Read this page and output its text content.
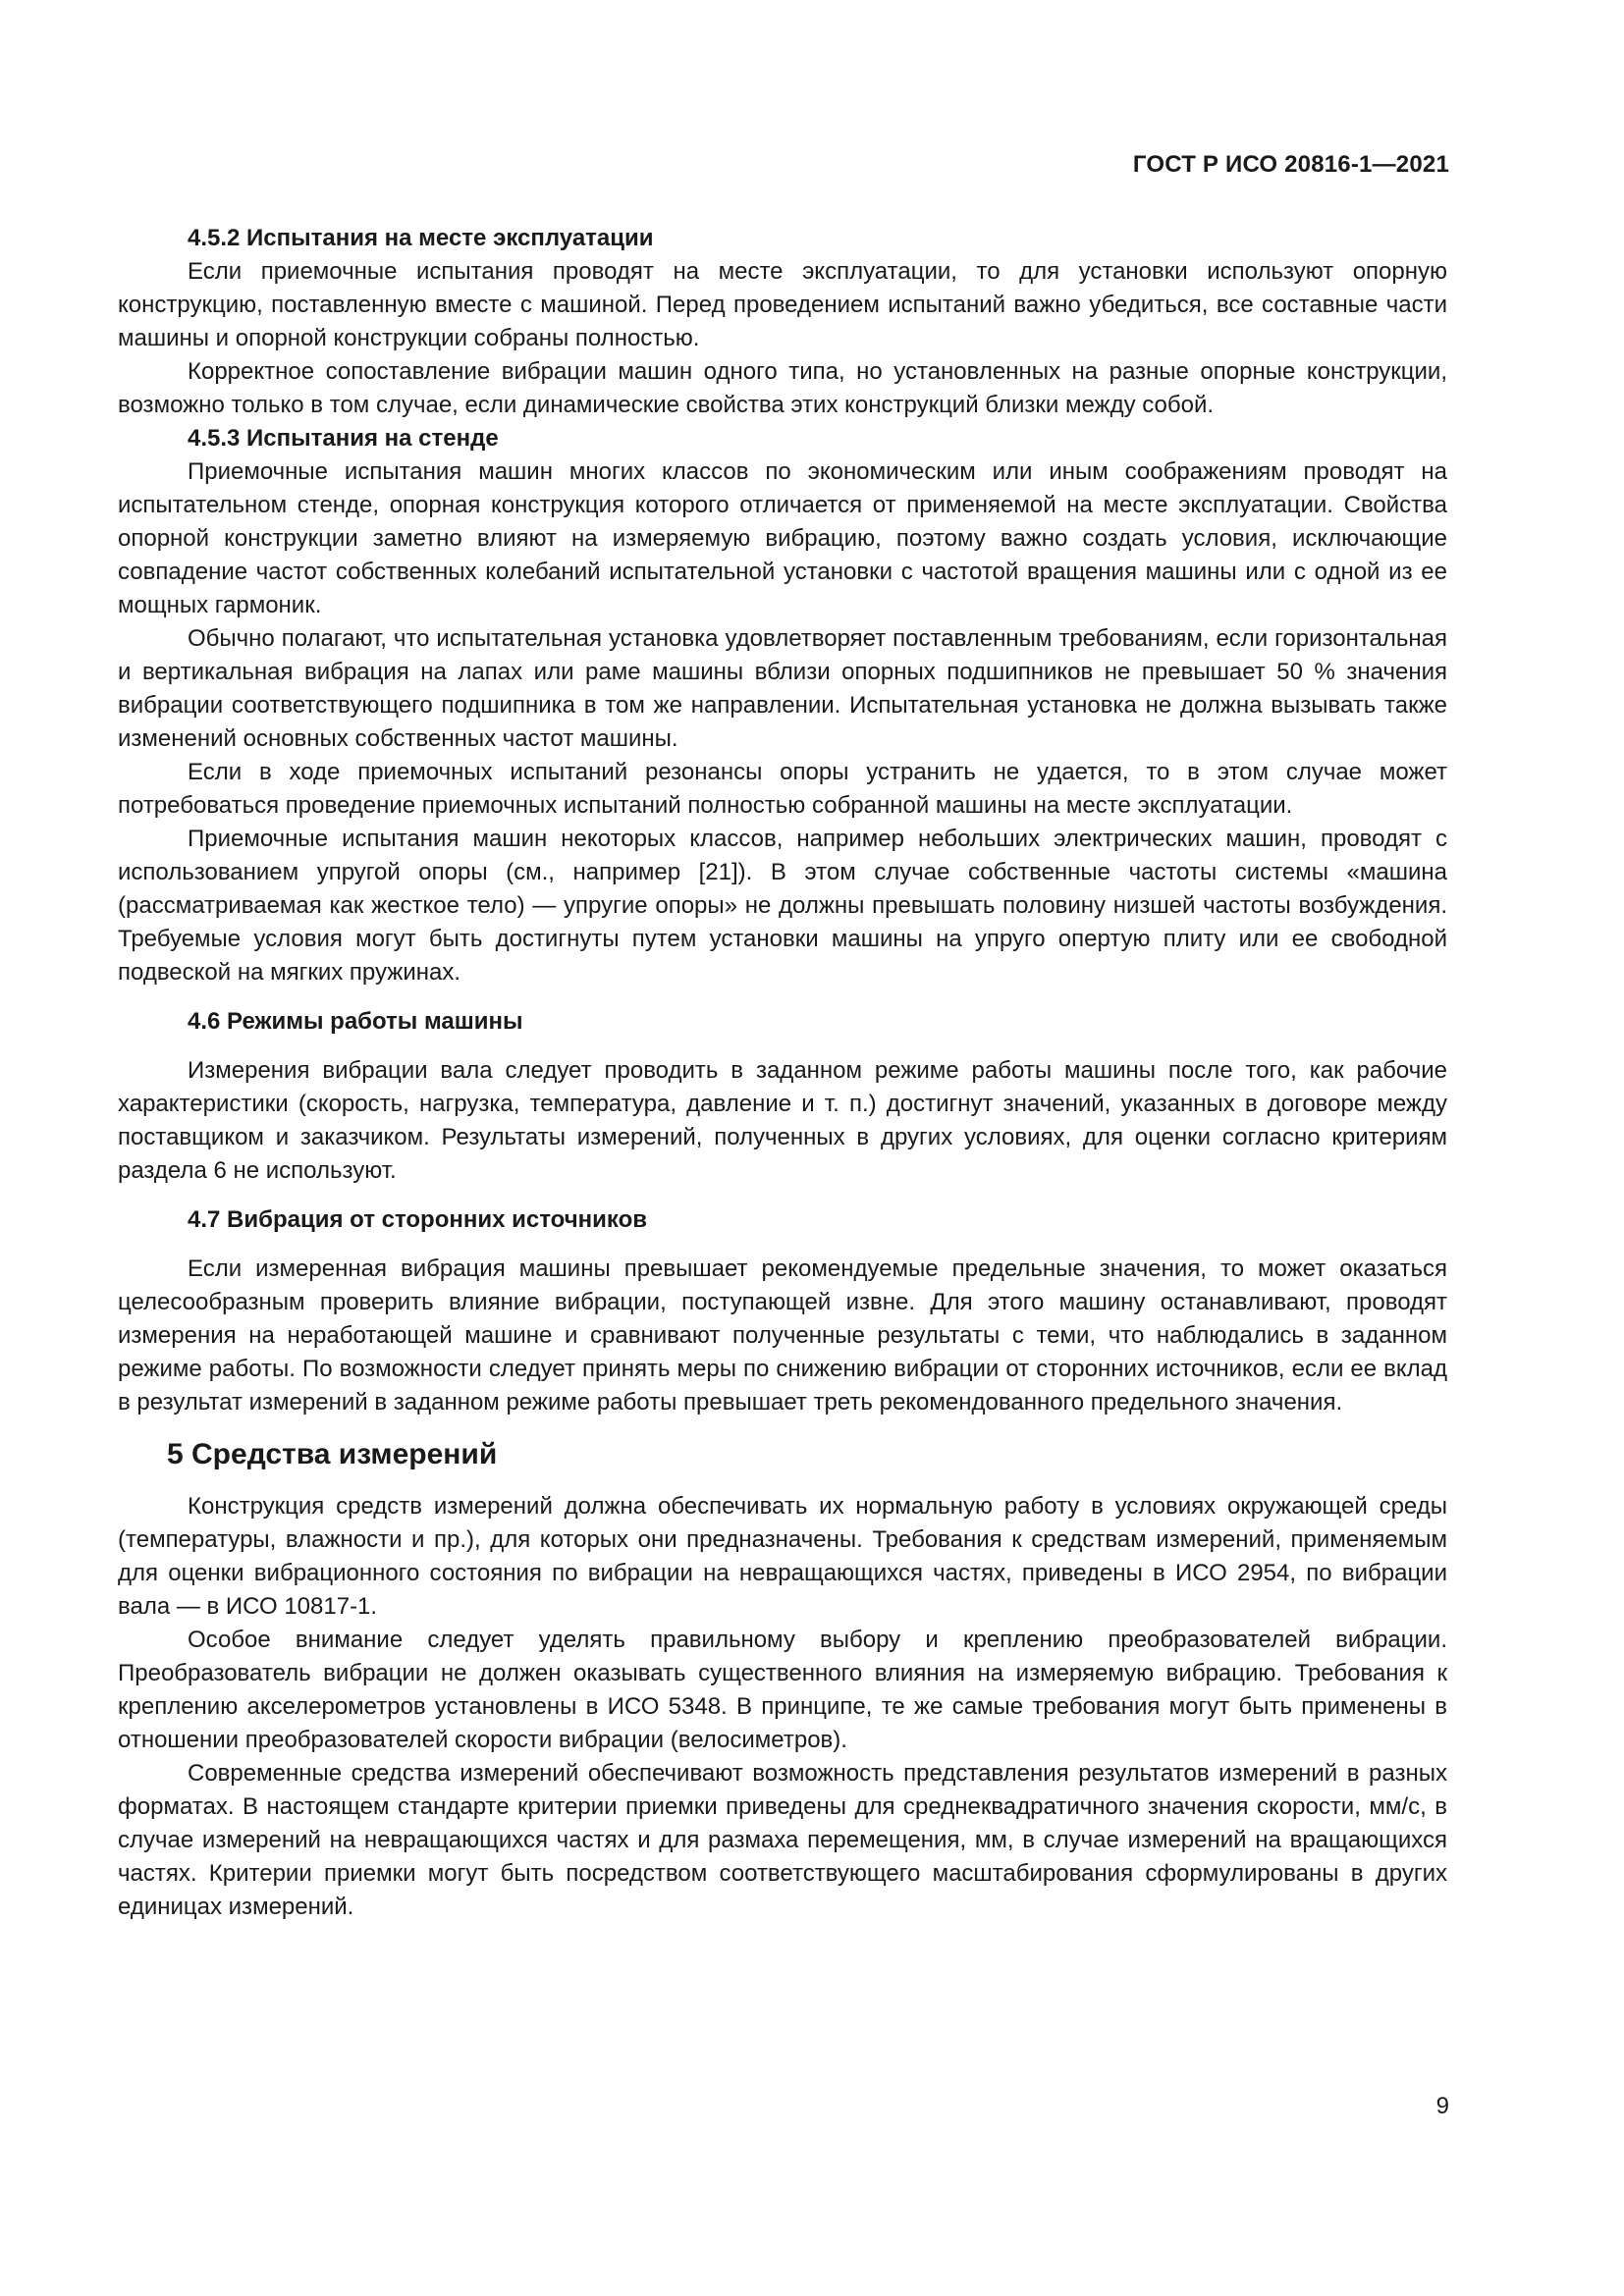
ГОСТ Р ИСО 20816-1—2021
4.5.2 Испытания на месте эксплуатации

Если приемочные испытания проводят на месте эксплуатации, то для установки используют опорную конструкцию, поставленную вместе с машиной. Перед проведением испытаний важно убедиться, все составные части машины и опорной конструкции собраны полностью.

Корректное сопоставление вибрации машин одного типа, но установленных на разные опорные конструкции, возможно только в том случае, если динамические свойства этих конструкций близки между собой.

4.5.3 Испытания на стенде

Приемочные испытания машин многих классов по экономическим или иным соображениям проводят на испытательном стенде, опорная конструкция которого отличается от применяемой на месте эксплуатации. Свойства опорной конструкции заметно влияют на измеряемую вибрацию, поэтому важно создать условия, исключающие совпадение частот собственных колебаний испытательной установки с частотой вращения машины или с одной из ее мощных гармоник.

Обычно полагают, что испытательная установка удовлетворяет поставленным требованиям, если горизонтальная и вертикальная вибрация на лапах или раме машины вблизи опорных подшипников не превышает 50 % значения вибрации соответствующего подшипника в том же направлении. Испытательная установка не должна вызывать также изменений основных собственных частот машины.

Если в ходе приемочных испытаний резонансы опоры устранить не удается, то в этом случае может потребоваться проведение приемочных испытаний полностью собранной машины на месте эксплуатации.

Приемочные испытания машин некоторых классов, например небольших электрических машин, проводят с использованием упругой опоры (см., например [21]). В этом случае собственные частоты системы «машина (рассматриваемая как жесткое тело) — упругие опоры» не должны превышать половину низшей частоты возбуждения. Требуемые условия могут быть достигнуты путем установки машины на упруго опертую плиту или ее свободной подвеской на мягких пружинах.

4.6 Режимы работы машины

Измерения вибрации вала следует проводить в заданном режиме работы машины после того, как рабочие характеристики (скорость, нагрузка, температура, давление и т. п.) достигнут значений, указанных в договоре между поставщиком и заказчиком. Результаты измерений, полученных в других условиях, для оценки согласно критериям раздела 6 не используют.

4.7 Вибрация от сторонних источников

Если измеренная вибрация машины превышает рекомендуемые предельные значения, то может оказаться целесообразным проверить влияние вибрации, поступающей извне. Для этого машину останавливают, проводят измерения на неработающей машине и сравнивают полученные результаты с теми, что наблюдались в заданном режиме работы. По возможности следует принять меры по снижению вибрации от сторонних источников, если ее вклад в результат измерений в заданном режиме работы превышает треть рекомендованного предельного значения.

5 Средства измерений

Конструкция средств измерений должна обеспечивать их нормальную работу в условиях окружающей среды (температуры, влажности и пр.), для которых они предназначены. Требования к средствам измерений, применяемым для оценки вибрационного состояния по вибрации на невращающихся частях, приведены в ИСО 2954, по вибрации вала — в ИСО 10817-1.

Особое внимание следует уделять правильному выбору и креплению преобразователей вибрации. Преобразователь вибрации не должен оказывать существенного влияния на измеряемую вибрацию. Требования к креплению акселерометров установлены в ИСО 5348. В принципе, те же самые требования могут быть применены в отношении преобразователей скорости вибрации (велосиметров).

Современные средства измерений обеспечивают возможность представления результатов измерений в разных форматах. В настоящем стандарте критерии приемки приведены для среднеквадратичного значения скорости, мм/с, в случае измерений на невращающихся частях и для размаха перемещения, мм, в случае измерений на вращающихся частях. Критерии приемки могут быть посредством соответствующего масштабирования сформулированы в других единицах измерений.

9
